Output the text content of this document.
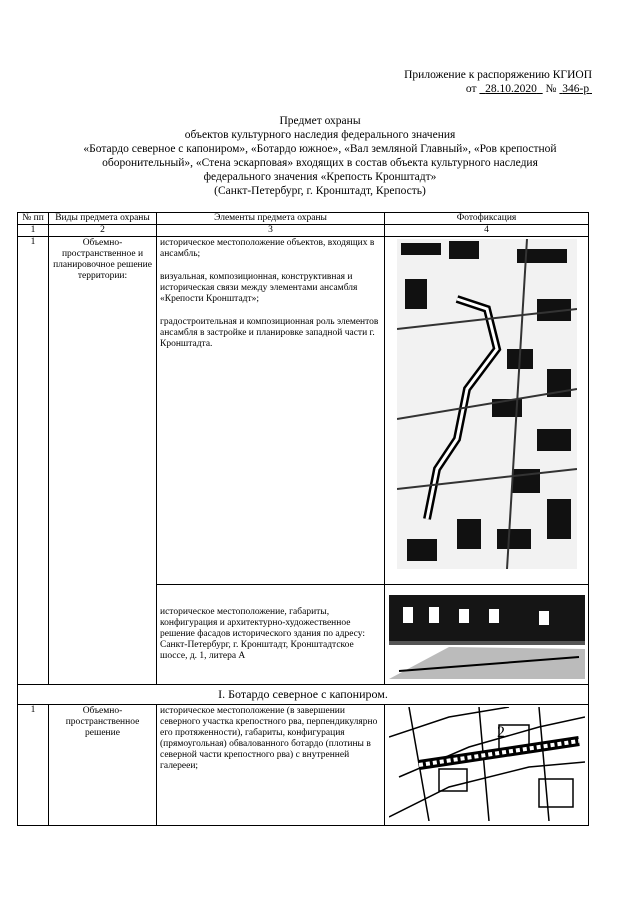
Приложение к распоряжению КГИОП
от 28.10.2020 № 346-р
Предмет охраны
объектов культурного наследия федерального значения
«Ботардо северное с капониром», «Ботардо южное», «Вал земляной Главный», «Ров крепостной
оборонительный», «Стена эскарповая» входящих в состав объекта культурного наследия
федерального значения «Крепость Кронштадт»
(Санкт-Петербург, г. Кронштадт, Крепость)
№ пп	Виды предмета охраны	Элементы предмета охраны	Фотофиксация
1	2	3	4
1	Объемно-пространственное и планировочное решение территории:	историческое местоположение объектов, входящих в ансамбль;

визуальная, композиционная, конструктивная и историческая связи между элементами ансамбля «Крепости Кронштадт»;

градостроительная и композиционная роль элементов ансамбля в застройке и планировке западной части г. Кронштадта.

		историческое местоположение, габариты, конфигурация и архитектурно-художественное решение фасадов исторического здания по адресу: Санкт-Петербург, г. Кронштадт, Кронштадтское шоссе, д. 1, литера А	

I. Ботардо северное с капониром.			
1	Объемно-пространственное решение	историческое местоположение (в завершении северного участка крепостного рва, перпендикулярно его протяженности), габариты, конфигурация (прямоугольная) обвалованного ботардо (плотины в северной части крепостного рва) с внутренней галерееи;	2
